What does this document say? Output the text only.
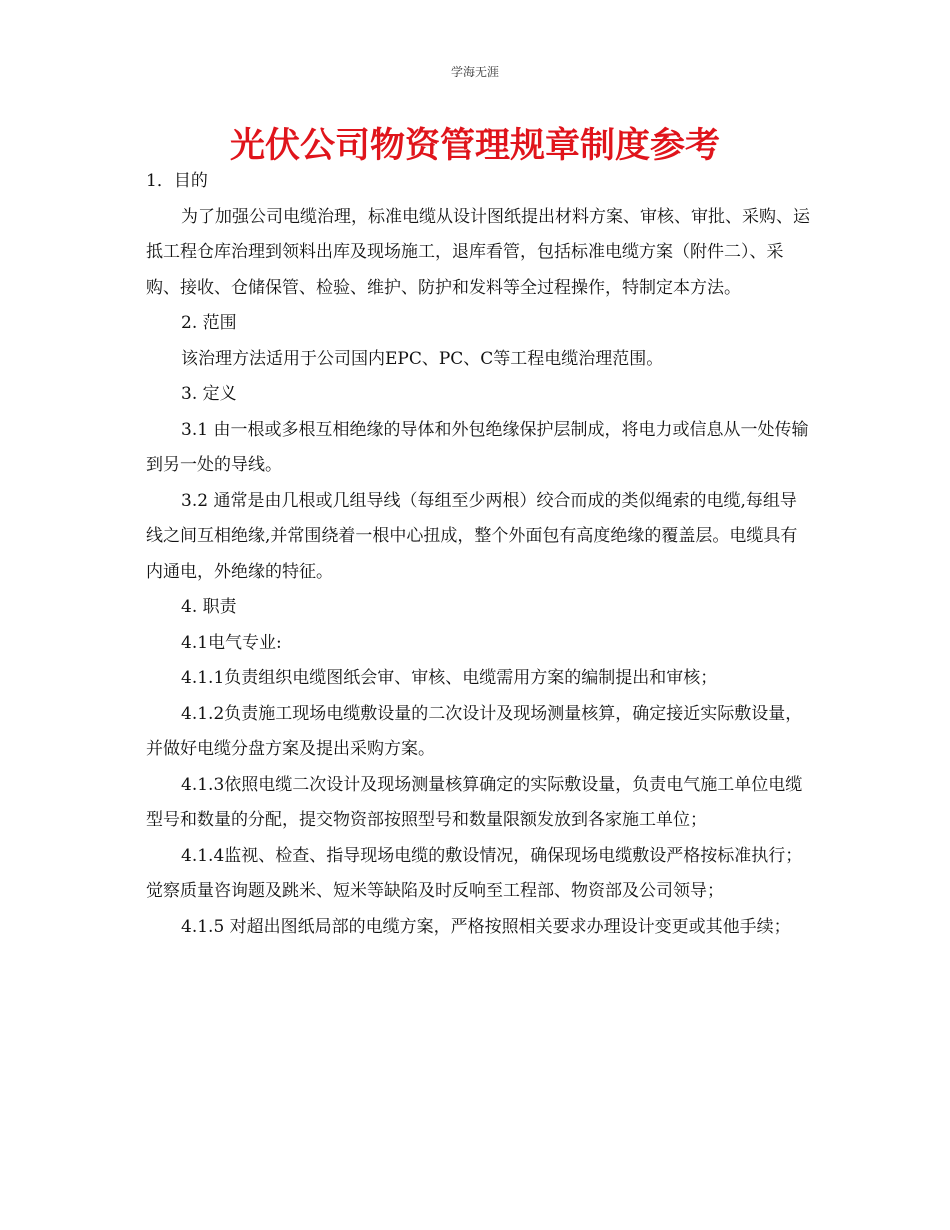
学海无涯
光伏公司物资管理规章制度参考

1．目的

为了加强公司电缆治理，标准电缆从设计图纸提出材料方案、审核、审批、采购、运抵工程仓库治理到领料出库及现场施工，退库看管，包括标准电缆方案（附件二）、采购、接收、仓储保管、检验、维护、防护和发料等全过程操作，特制定本方法。

2. 范围

该治理方法适用于公司国内EPC、PC、C等工程电缆治理范围。

3. 定义

3.1 由一根或多根互相绝缘的导体和外包绝缘保护层制成，将电力或信息从一处传输到另一处的导线。

3.2 通常是由几根或几组导线（每组至少两根）绞合而成的类似绳索的电缆,每组导线之间互相绝缘,并常围绕着一根中心扭成，整个外面包有高度绝缘的覆盖层。电缆具有内通电，外绝缘的特征。

4. 职责

4.1电气专业:

4.1.1负责组织电缆图纸会审、审核、电缆需用方案的编制提出和审核；

4.1.2负责施工现场电缆敷设量的二次设计及现场测量核算，确定接近实际敷设量，并做好电缆分盘方案及提出采购方案。

4.1.3依照电缆二次设计及现场测量核算确定的实际敷设量，负责电气施工单位电缆型号和数量的分配，提交物资部按照型号和数量限额发放到各家施工单位；

4.1.4监视、检查、指导现场电缆的敷设情况，确保现场电缆敷设严格按标准执行；觉察质量咨询题及跳米、短米等缺陷及时反响至工程部、物资部及公司领导；

4.1.5 对超出图纸局部的电缆方案，严格按照相关要求办理设计变更或其他手续；
